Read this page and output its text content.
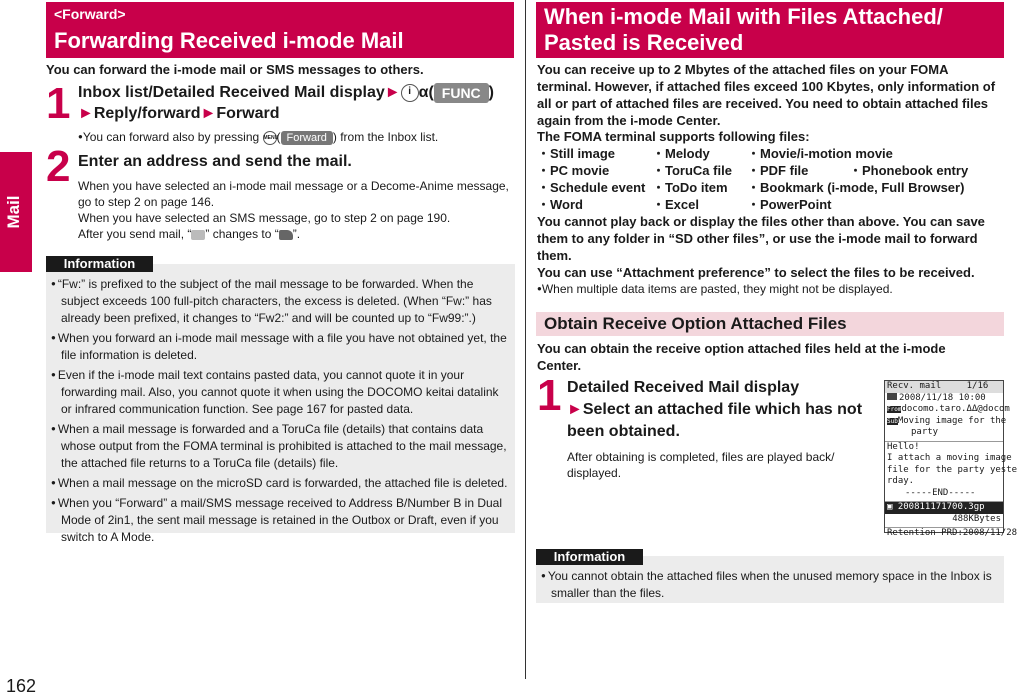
Mail
162
<Forward>
Forwarding Received i-mode Mail
You can forward the i-mode mail or SMS messages to others.
1 Inbox list/Detailed Received Mail display► i α( FUNC )
►Reply/forward►Forward
●You can forward also by pressing MENU( Forward ) from the Inbox list.
2 Enter an address and send the mail.
When you have selected an i-mode mail message or a Decome-Anime message, go to step 2 on page 146.
When you have selected an SMS message, go to step 2 on page 190.
After you send mail, “ ” changes to “ ”.
Information
● “Fw:” is prefixed to the subject of the mail message to be forwarded. When the subject exceeds 100 full-pitch characters, the excess is deleted. (When “Fw:” has already been prefixed, it changes to “Fw2:” and will be counted up to “Fw99:”.)
● When you forward an i-mode mail message with a file you have not obtained yet, the file information is deleted.
● Even if the i-mode mail text contains pasted data, you cannot quote it in your forwarding mail. Also, you cannot quote it when using the DOCOMO keitai datalink or infrared communication function. See page 167 for pasted data.
● When a mail message is forwarded and a ToruCa file (details) that contains data whose output from the FOMA terminal is prohibited is attached to the mail message, the attached file returns to a ToruCa file (details) file.
● When a mail message on the microSD card is forwarded, the attached file is deleted.
● When you “Forward” a mail/SMS message received to Address B/Number B in Dual Mode of 2in1, the sent mail message is retained in the Outbox or Draft, even if you switch to A Mode.
When i-mode Mail with Files Attached/
Pasted is Received
You can receive up to 2 Mbytes of the attached files on your FOMA terminal. However, if attached files exceed 100 Kbytes, only information of all or part of attached files are received. You need to obtain attached files again from the i-mode Center.
The FOMA terminal supports following files:
・Still image	・Melody	・Movie/i-motion movie
・PC movie	・ToruCa file ・PDF file	・Phonebook entry
・Schedule event ・ToDo item ・Bookmark (i-mode, Full Browser)
・Word	・Excel	・PowerPoint
You cannot play back or display the files other than above. You can save them to any folder in “SD other files”, or use the i-mode mail to forward them.
You can use “Attachment preference” to select the files to be received.
●When multiple data items are pasted, they might not be displayed.
Obtain Receive Option Attached Files
You can obtain the receive option attached files held at the i-mode Center.
1 Detailed Received Mail display
►Select an attached file which has not been obtained.
After obtaining is completed, files are played back/ displayed.
Recv. mail	1/16
2008/11/18 10:00
Fromdocomo.taro.ΔΔ@docom
SubMoving image for the
party
Hello!
I attach a moving image
file for the party yeste
rday.
-----END-----
▣ 200811171700.3gp
488KBytes
Retention PRD:2008/11/28
Information
● You cannot obtain the attached files when the unused memory space in the Inbox is smaller than the files.
